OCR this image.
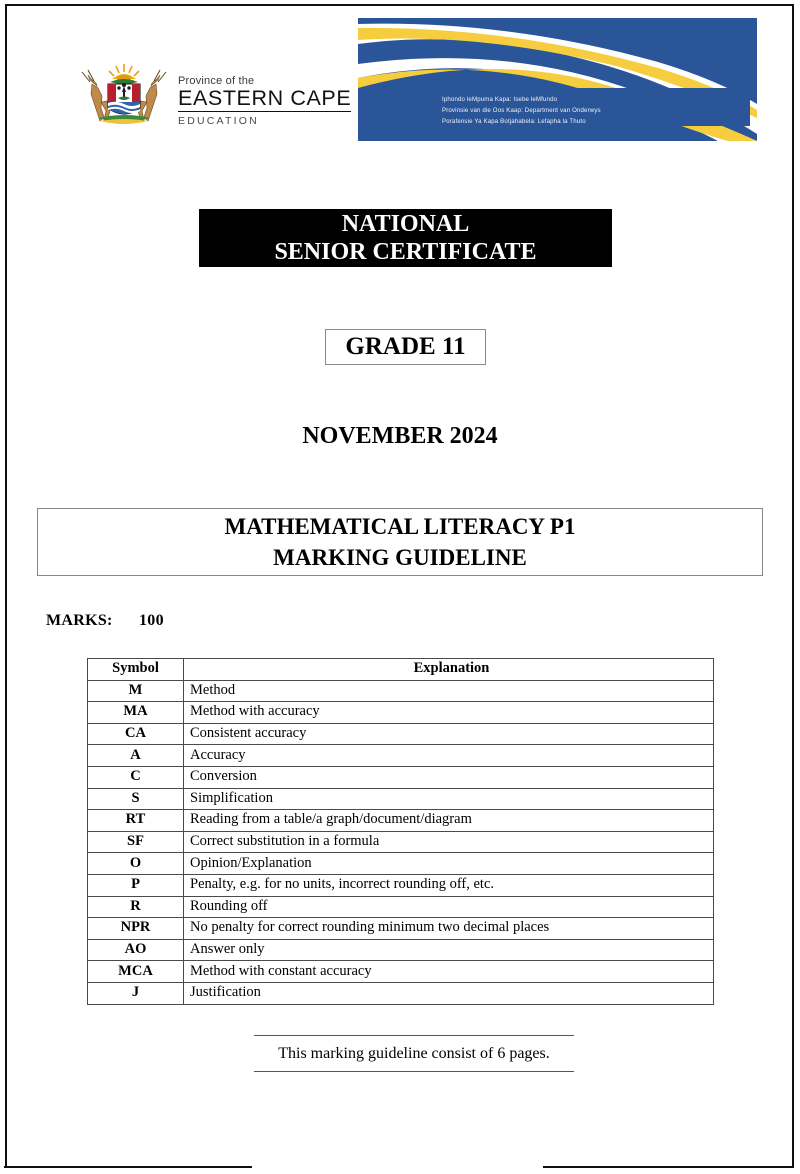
Province of the
EASTERN CAPE
EDUCATION
Iphondo leMpuma Kapa: Isebe leMfundo
Provinsie van die Oos Kaap: Department van Onderwys
Porafensie Ya Kapa Botjahabela: Lefapha la Thuto
NATIONAL
SENIOR CERTIFICATE
GRADE 11
NOVEMBER 2024
MATHEMATICAL LITERACY P1
MARKING GUIDELINE
MARKS: 100
Symbol	Explanation
M	Method
MA	Method with accuracy
CA	Consistent accuracy
A	Accuracy
C	Conversion
S	Simplification
RT	Reading from a table/a graph/document/diagram
SF	Correct substitution in a formula
O	Opinion/Explanation
P	Penalty, e.g. for no units, incorrect rounding off, etc.
R	Rounding off
NPR	No penalty for correct rounding minimum two decimal places
AO	Answer only
MCA	Method with constant accuracy
J	Justification
This marking guideline consist of 6 pages.
